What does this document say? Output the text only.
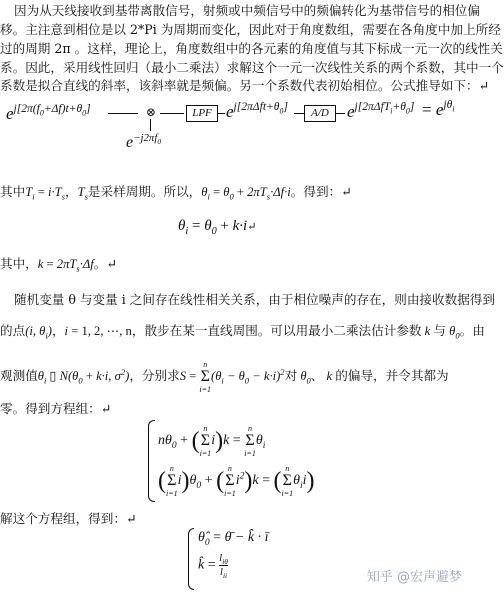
因为从天线接收到基带离散信号，射频或中频信号中的频偏转化为基带信号的相位偏
移。主注意到相位是以 2*Pi 为周期而变化，因此对于角度数组，需要在各角度中加上所经
过的周期 2π 。这样，理论上，角度数组中的各元素的角度值与其下标成一元一次的线性关
系。因此，采用线性回归（最小二乘法）求解这个一元一次线性关系的两个系数，其中一个
系数是拟合直线的斜率，该斜率就是频偏。另一个系数代表初始相位。公式推导如下：↵
$e^{j[2\pi(f_0+\Delta f)t+\theta_0]}$	⊗
$e^{-j2\pi f_0}$
LPF $e^{j[2\pi\Delta ft+\theta_0]}$	A/D	$e^{j[2\pi\Delta fT_i+\theta_0]} = e^{j\theta_i}$
其中$T_i = i\cdot T_s$，$T_s$是采样周期。所以，$\theta_i = \theta_0 + 2\pi T_s\cdot\Delta f\cdot i$。得到：↵
$\theta_i = \theta_0$ + k·i↵
其中，$k = 2\pi T_s\cdot\Delta f$。↵
随机变量 θ 与变量 i 之间存在线性相关关系，由于相位噪声的存在，则由接收数据得到
的点(i, $\theta_i$)，i = 1, 2, ⋯, n，散步在某一直线周围。可以用最小二乘法估计参数 k 与 $\theta_0$。由
观测值$\theta_i$ ▯ $N(\theta_0 + k\cdot i$, $\sigma^2$)，分别求S = n
Σ
$i=1(\theta_i - \theta_0 - k\cdot i)^2$对 $\theta_0$、 k 的偏导，并令其都为
零。得到方程组：↵
$n\theta_0$ + ( n
Σ
i=1i)k = n
Σ
$i=1\theta_i$
( n
Σ
$i=1i)\theta_0$ + ( n
Σ
$i=1i^2)k$ = ( n
Σ
$i=1\theta_ii$)
解这个方程组，得到：↵
$\thetâ_0$ = θ̄ − k̂ · ī
k̂ = $l_{i\theta}$
$l_{ii}$	知乎 @宏声避梦
